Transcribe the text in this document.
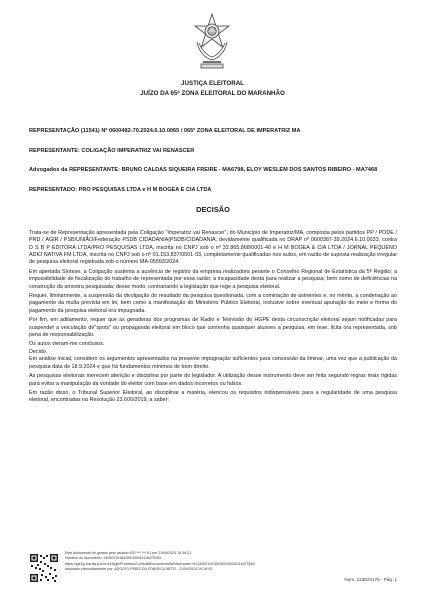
JUSTIÇA ELEITORAL
JUÍZO DA 65ª ZONA ELEITORAL DO MARANHÃO

REPRESENTAÇÃO (11541) Nº 0600482-70.2024.6.10.0065 / 065ª ZONA ELEITORAL DE IMPERATRIZ MA

REPRESENTANTE: COLIGAÇÃO IMPERATRIZ VAI RENASCER

Advogados da REPRESENTANTE: BRUNO CALDAS SIQUEIRA FREIRE - MA6798, ELOY WESLEM DOS SANTOS RIBEIRO - MA7468

REPRESENTADO: PRO PESQUISAS LTDA e H M BOGEA E CIA LTDA

DECISÃO

Trata-se de Representação apresentada pela Coligação "Imperatriz vai Renascer", do Município de Imperatriz/MA, composta pelos partidos PP / PODE / PRD / AGIR / PSB/UNIÃO/Federação PSDB CIDADANIA(PSDB/CIDADANIA, devidamente qualificada no DRAP nº 0600387-39.2024.6.10.0033, contra D S B P EDITORA LTDA/PRO PESQUISAS LTDA, inscrita no CNPJ sob o nº 32.865.868/0001-40 e H M BOGEA & CIA LTDA / JORNAL PEQUENO ADIO NATIVA FM LTDA, inscrita no CNPJ sob o nº 01.153.837/0001-33, completamente qualificadas nos autos, em razão de suposta realização irregular de pesquisa eleitoral registrada sob o número MA-05093/2024.

Em apertada Síntese, a Coligação sustenta a ausência de registro da empresa realizadora perante o Conselho Regional de Estatística da 5ª Região; a impossibilidade de fiscalização do trabalho de representada por essa razão; a incapacidade desta para realizar a pesquisa; bem como de deficiências na construção da amostra pesquisada; desse modo, contrariando a legislação que rege a pesquisa eleitoral.

Requer, liminarmente, a suspensão da divulgação do resultado da pesquisa questionada, com a cominação de astreintes e, no mérito, a condenação ao pagamento da multa prevista em lei, bem como a manifestação do Ministério Público Eleitoral, inclusive sobre eventual apuração do meio e forma do pagamento da pesquisa eleitoral ora impugnada.

Por fim, em aditamento, requer que as geradoras dos programas de Radio e Televisão do HGPE desta circunscrição eleitoral sejam notificadas para suspender a veiculação de"spots" ou propaganda eleitoral em bloco que contenha quaisquer alusoes a pesquisa, em tese, ilcita ora representada, sob pena de responsabilização.

Os autos vieram-me conclusos.

Decido.

Em análise inicial, considero os argumentos apresentados na presente impugnação suficientes para concessão da liminar, uma vez que a publicação da pesquisa data de 18.9.2024 e que há fundamentos mínimos de bom direito.

As pesquisas eleitorais merecem atenção e disciplina por parte do legislador. A utilização desse instrumento deve ser feita segundo regras mais rígidas para evitar a manipulação da vontade do eleitor com base em dados incorretos ou falsos.

Em razão disso, o Tribunal Superior Eleitoral, ao disciplinar a matéria, elencou os requisitos indispensáveis para a regularidade de uma pesquisa eleitoral, encontradas na Resolução 23.600/2019, a saber:

Este documento foi gerado pelo usuário 620.***.***-91 em 21/09/2024 19:36:21
Número do documento: 24092119184269100000116370263
https://pje1g-ma.tse.jus.br:443/pje/Processo/ConsultaDocumento/listView.seam?x=24092119184269100000116370263
Assinado eletronicamente por: ADOLFO PIRES DA FONSECA NETO - 21/09/2024 19:18:43
Num. 123524176 - Pág. 1
